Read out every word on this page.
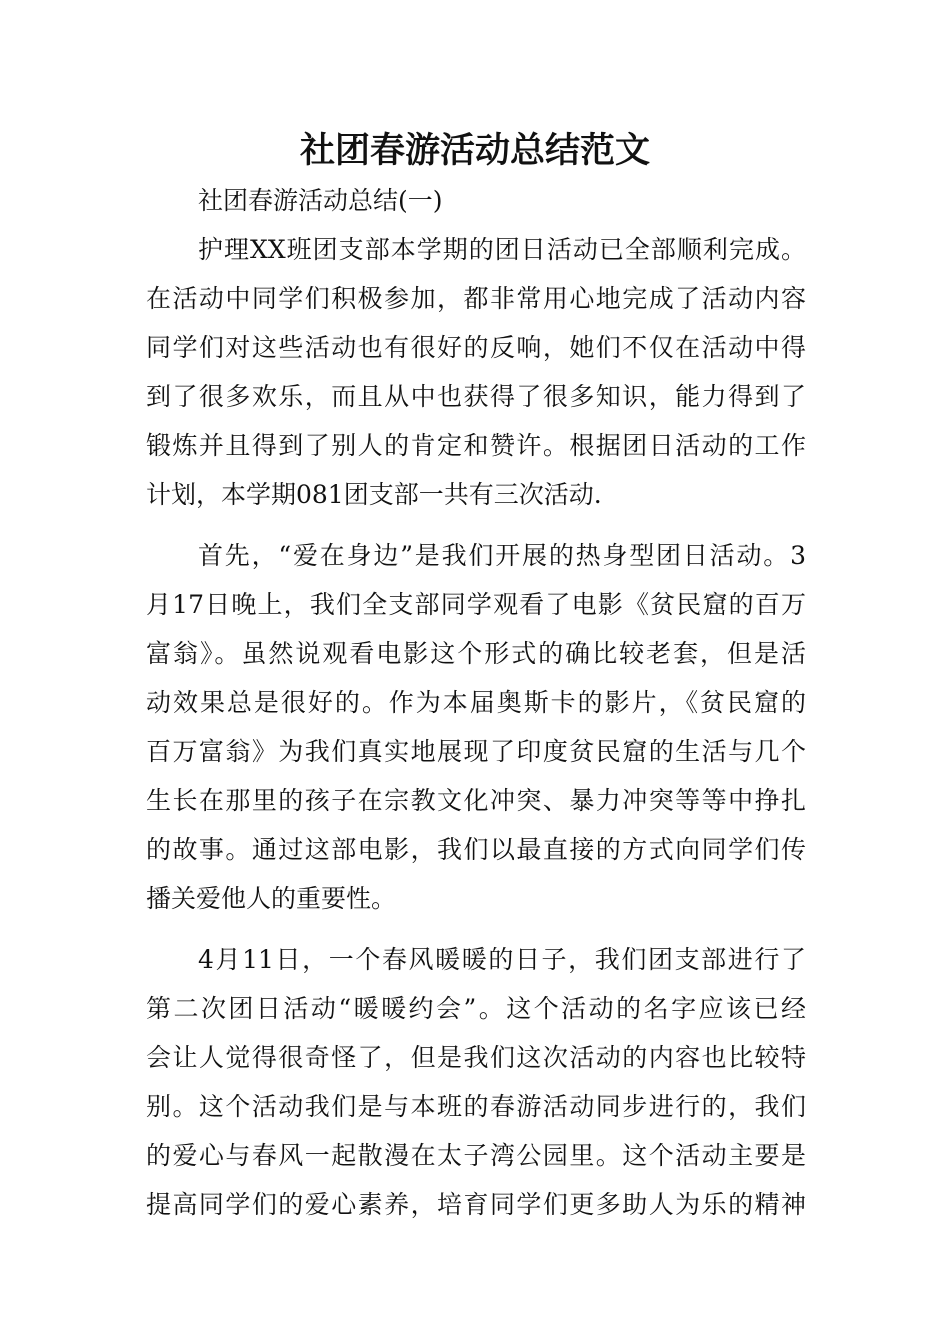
社团春游活动总结范文
社团春游活动总结(一)
护理XX班团支部本学期的团日活动已全部顺利完成。
在活动中同学们积极参加，都非常用心地完成了活动内容
同学们对这些活动也有很好的反响，她们不仅在活动中得
到了很多欢乐，而且从中也获得了很多知识，能力得到了
锻炼并且得到了别人的肯定和赞许。根据团日活动的工作
计划，本学期081团支部一共有三次活动.
首先，“爱在身边”是我们开展的热身型团日活动。3
月17日晚上，我们全支部同学观看了电影《贫民窟的百万
富翁》。虽然说观看电影这个形式的确比较老套，但是活
动效果总是很好的。作为本届奥斯卡的影片，《贫民窟的
百万富翁》为我们真实地展现了印度贫民窟的生活与几个
生长在那里的孩子在宗教文化冲突、暴力冲突等等中挣扎
的故事。通过这部电影，我们以最直接的方式向同学们传
播关爱他人的重要性。
4月11日，一个春风暖暖的日子，我们团支部进行了
第二次团日活动“暖暖约会”。这个活动的名字应该已经
会让人觉得很奇怪了，但是我们这次活动的内容也比较特
别。这个活动我们是与本班的春游活动同步进行的，我们
的爱心与春风一起散漫在太子湾公园里。这个活动主要是
提高同学们的爱心素养，培育同学们更多助人为乐的精神
